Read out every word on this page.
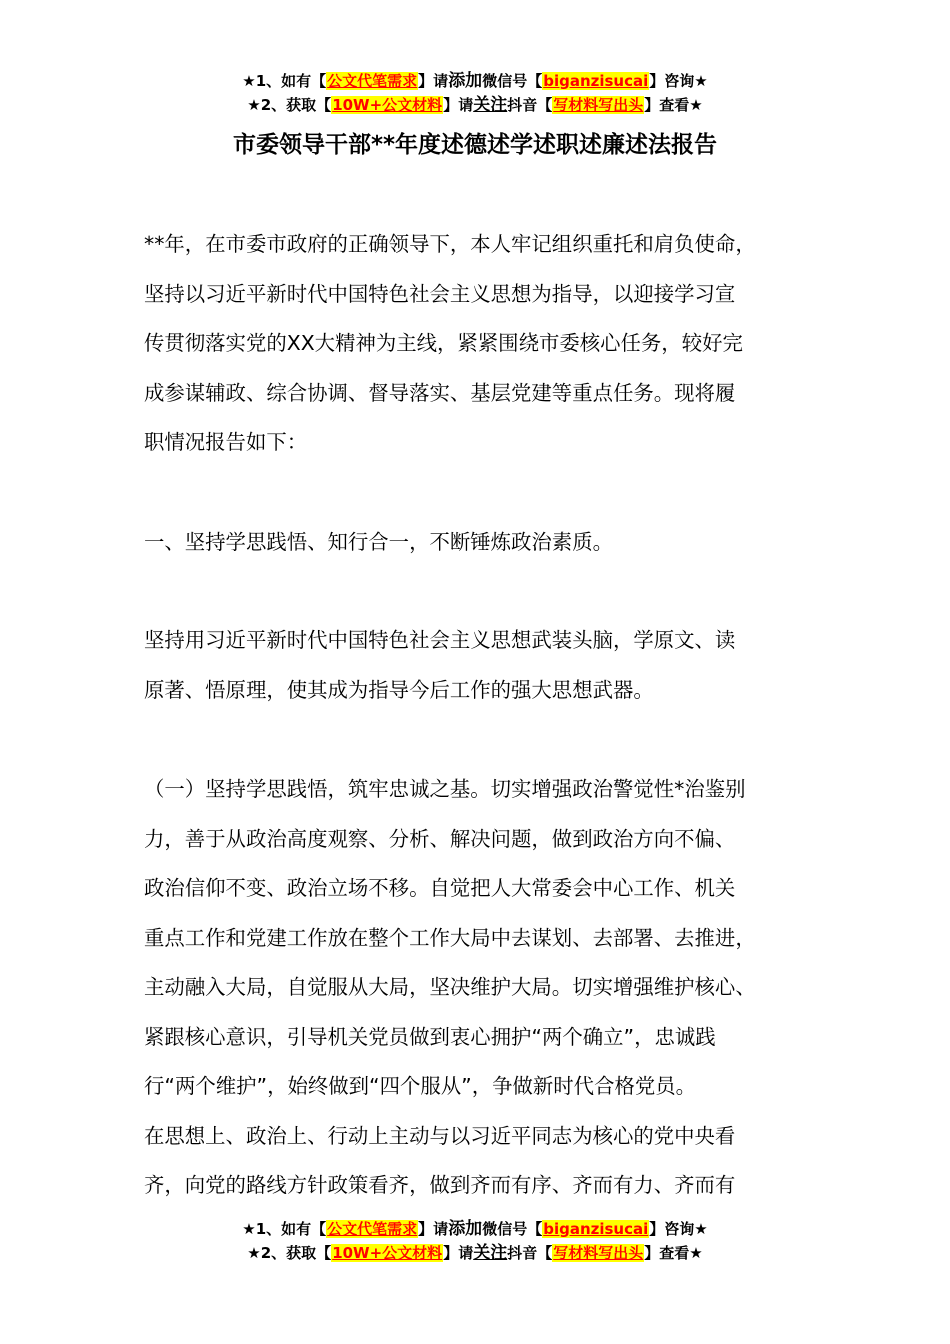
★1、如有【公文代笔需求】请添加微信号【biganzisucai】咨询★
★2、获取【10W+公文材料】请关注抖音【写材料写出头】查看★
市委领导干部**年度述德述学述职述廉述法报告
**年，在市委市政府的正确领导下，本人牢记组织重托和肩负使命，
坚持以习近平新时代中国特色社会主义思想为指导，以迎接学习宣
传贯彻落实党的XX大精神为主线，紧紧围绕市委核心任务，较好完
成参谋辅政、综合协调、督导落实、基层党建等重点任务。现将履
职情况报告如下：
一、坚持学思践悟、知行合一，不断锤炼政治素质。
坚持用习近平新时代中国特色社会主义思想武装头脑，学原文、读
原著、悟原理，使其成为指导今后工作的强大思想武器。
（一）坚持学思践悟，筑牢忠诚之基。切实增强政治警觉性*治鉴别
力，善于从政治高度观察、分析、解决问题，做到政治方向不偏、
政治信仰不变、政治立场不移。自觉把人大常委会中心工作、机关
重点工作和党建工作放在整个工作大局中去谋划、去部署、去推进，
主动融入大局，自觉服从大局，坚决维护大局。切实增强维护核心、
紧跟核心意识，引导机关党员做到衷心拥护“两个确立”，忠诚践
行“两个维护”，始终做到“四个服从”，争做新时代合格党员。
在思想上、政治上、行动上主动与以习近平同志为核心的党中央看
齐，向党的路线方针政策看齐，做到齐而有序、齐而有力、齐而有
★1、如有【公文代笔需求】请添加微信号【biganzisucai】咨询★
★2、获取【10W+公文材料】请关注抖音【写材料写出头】查看★
